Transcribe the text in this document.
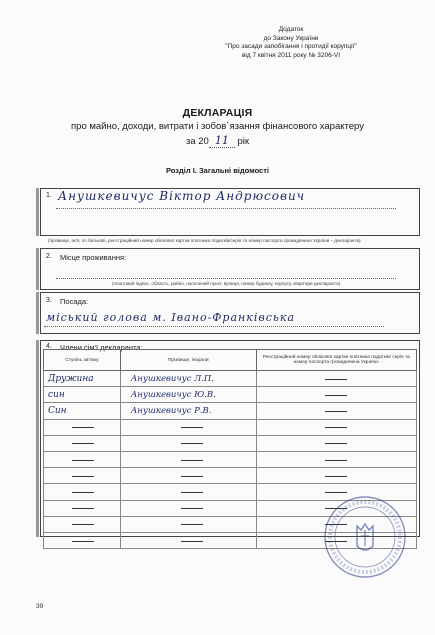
Додаток
до Закону України
"Про засади запобігання і протидії корупції"
від 7 квітня 2011 року № 3206-VI
ДЕКЛАРАЦІЯ
про майно, доходи, витрати і зобов`язання фінансового характеру
за 20 11 рік
Розділ І. Загальні відомості
1. Анушкевичус Віктор Андрюсович
(прізвище, ім'я, по батькові, реєстраційний номер облікової картки платника податків/серія та номер паспорта громадянина України – декларанта)
2. Місце проживання:
(поштовий індекс, область, район, населений пункт, вулиця, номер будинку, корпусу, квартири декларанта)
3. Посада:
міський голова м. Івано-Франківська
4. Члени сім'ї декларанта:
Ступінь зв'язку	Прізвище, ініціали	Реєстраційний номер облікової картки платника податків/ серія та номер паспорта громадянина України.
Дружина	Анушкевичус Л.П.	
син	Анушкевичус Ю.В.	
Син	Анушкевичус Р.В.	

39
